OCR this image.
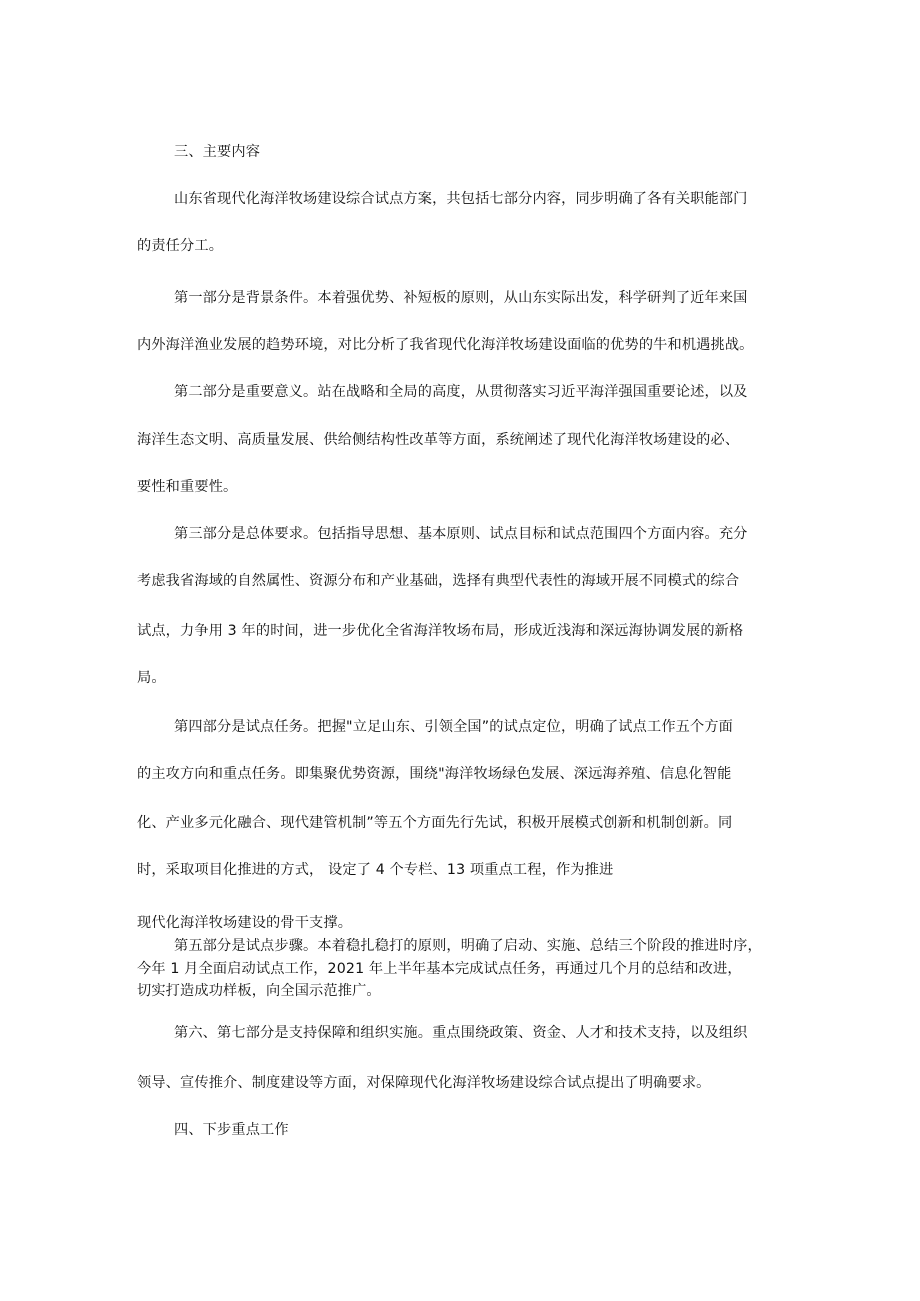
三、主要内容
山东省现代化海洋牧场建设综合试点方案，共包括七部分内容，同步明确了各有关职能部门
的责任分工。
第一部分是背景条件。本着强优势、补短板的原则，从山东实际出发，科学研判了近年来国
内外海洋渔业发展的趋势环境，对比分析了我省现代化海洋牧场建设面临的优势的牛和机遇挑战。
第二部分是重要意义。站在战略和全局的高度，从贯彻落实习近平海洋强国重要论述，以及
海洋生态文明、高质量发展、供给侧结构性改革等方面，系统阐述了现代化海洋牧场建设的必、
要性和重要性。
第三部分是总体要求。包括指导思想、基本原则、试点目标和试点范围四个方面内容。充分
考虑我省海域的自然属性、资源分布和产业基础，选择有典型代表性的海域开展不同模式的综合
试点，力争用 3 年的时间，进一步优化全省海洋牧场布局，形成近浅海和深远海协调发展的新格
局。
第四部分是试点任务。把握"立足山东、引领全国”的试点定位，明确了试点工作五个方面
的主攻方向和重点任务。即集聚优势资源，围绕"海洋牧场绿色发展、深远海养殖、信息化智能
化、产业多元化融合、现代建管机制”等五个方面先行先试，积极开展模式创新和机制创新。同
时，采取项目化推进的方式， 设定了 4 个专栏、13 项重点工程，作为推进
现代化海洋牧场建设的骨干支撑。
第五部分是试点步骤。本着稳扎稳打的原则，明确了启动、实施、总结三个阶段的推进时序，
今年 1 月全面启动试点工作，2021 年上半年基本完成试点任务，再通过几个月的总结和改进，
切实打造成功样板，向全国示范推广。
第六、第七部分是支持保障和组织实施。重点围绕政策、资金、人才和技术支持，以及组织
领导、宣传推介、制度建设等方面，对保障现代化海洋牧场建设综合试点提出了明确要求。
四、下步重点工作
